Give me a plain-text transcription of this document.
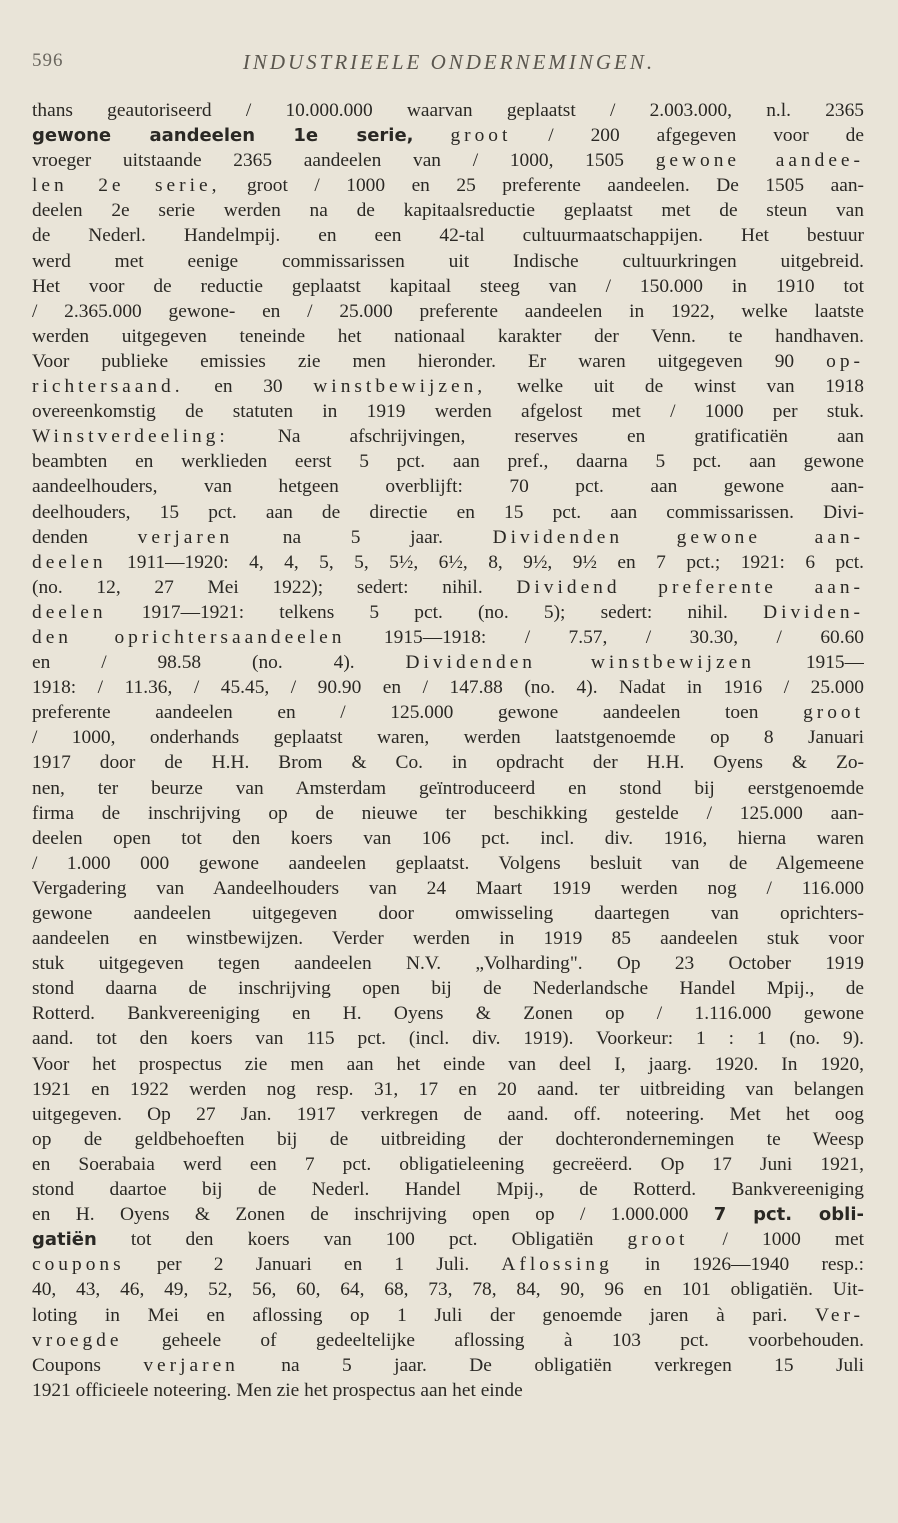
596	INDUSTRIEELE ONDERNEMINGEN.
thans geautoriseerd / 10.000.000 waarvan geplaatst / 2.003.000, n.l. 2365
gewone aandeelen 1e serie, groot / 200 afgegeven voor de
vroeger uitstaande 2365 aandeelen van / 1000, 1505 gewone aandee-
len 2e serie, groot / 1000 en 25 preferente aandeelen. De 1505 aan-
deelen 2e serie werden na de kapitaalsreductie geplaatst met de steun van
de Nederl. Handelmpij. en een 42-tal cultuurmaatschappijen. Het bestuur
werd met eenige commissarissen uit Indische cultuurkringen uitgebreid.
Het voor de reductie geplaatst kapitaal steeg van / 150.000 in 1910 tot
/ 2.365.000 gewone- en / 25.000 preferente aandeelen in 1922, welke laatste
werden uitgegeven teneinde het nationaal karakter der Venn. te handhaven.
Voor publieke emissies zie men hieronder. Er waren uitgegeven 90 op-
richtersaand. en 30 winstbewijzen, welke uit de winst van 1918
overeenkomstig de statuten in 1919 werden afgelost met / 1000 per stuk.
Winstverdeeling: Na afschrijvingen, reserves en gratificatiën aan
beambten en werklieden eerst 5 pct. aan pref., daarna 5 pct. aan gewone
aandeelhouders, van hetgeen overblijft: 70 pct. aan gewone aan-
deelhouders, 15 pct. aan de directie en 15 pct. aan commissarissen. Divi-
denden verjaren na 5 jaar. Dividenden gewone aan-
deelen 1911—1920: 4, 4, 5, 5, 5½, 6½, 8, 9½, 9½ en 7 pct.; 1921: 6 pct.
(no. 12, 27 Mei 1922); sedert: nihil. Dividend preferente aan-
deelen 1917—1921: telkens 5 pct. (no. 5); sedert: nihil. Dividen-
den oprichtersaandeelen 1915—1918: / 7.57, / 30.30, / 60.60
en / 98.58 (no. 4). Dividenden winstbewijzen 1915—
1918: / 11.36, / 45.45, / 90.90 en / 147.88 (no. 4). Nadat in 1916 / 25.000
preferente aandeelen en / 125.000 gewone aandeelen toen groot
/ 1000, onderhands geplaatst waren, werden laatstgenoemde op 8 Januari
1917 door de H.H. Brom & Co. in opdracht der H.H. Oyens & Zo-
nen, ter beurze van Amsterdam geïntroduceerd en stond bij eerstgenoemde
firma de inschrijving op de nieuwe ter beschikking gestelde / 125.000 aan-
deelen open tot den koers van 106 pct. incl. div. 1916, hierna waren
/ 1.000 000 gewone aandeelen geplaatst. Volgens besluit van de Algemeene
Vergadering van Aandeelhouders van 24 Maart 1919 werden nog / 116.000
gewone aandeelen uitgegeven door omwisseling daartegen van oprichters-
aandeelen en winstbewijzen. Verder werden in 1919 85 aandeelen stuk voor
stuk uitgegeven tegen aandeelen N.V. „Volharding". Op 23 October 1919
stond daarna de inschrijving open bij de Nederlandsche Handel Mpij., de
Rotterd. Bankvereeniging en H. Oyens & Zonen op / 1.116.000 gewone
aand. tot den koers van 115 pct. (incl. div. 1919). Voorkeur: 1 : 1 (no. 9).
Voor het prospectus zie men aan het einde van deel I, jaarg. 1920. In 1920,
1921 en 1922 werden nog resp. 31, 17 en 20 aand. ter uitbreiding van belangen
uitgegeven. Op 27 Jan. 1917 verkregen de aand. off. noteering. Met het oog
op de geldbehoeften bij de uitbreiding der dochterondernemingen te Weesp
en Soerabaia werd een 7 pct. obligatieleening gecreëerd. Op 17 Juni 1921,
stond daartoe bij de Nederl. Handel Mpij., de Rotterd. Bankvereeniging
en H. Oyens & Zonen de inschrijving open op / 1.000.000 7 pct. obli-
gatiën tot den koers van 100 pct. Obligatiën groot / 1000 met
coupons per 2 Januari en 1 Juli. Aflossing in 1926—1940 resp.:
40, 43, 46, 49, 52, 56, 60, 64, 68, 73, 78, 84, 90, 96 en 101 obligatiën. Uit-
loting in Mei en aflossing op 1 Juli der genoemde jaren à pari. Ver-
vroegde geheele of gedeeltelijke aflossing à 103 pct. voorbehouden.
Coupons verjaren na 5 jaar. De obligatiën verkregen 15 Juli
1921 officieele noteering. Men zie het prospectus aan het einde
